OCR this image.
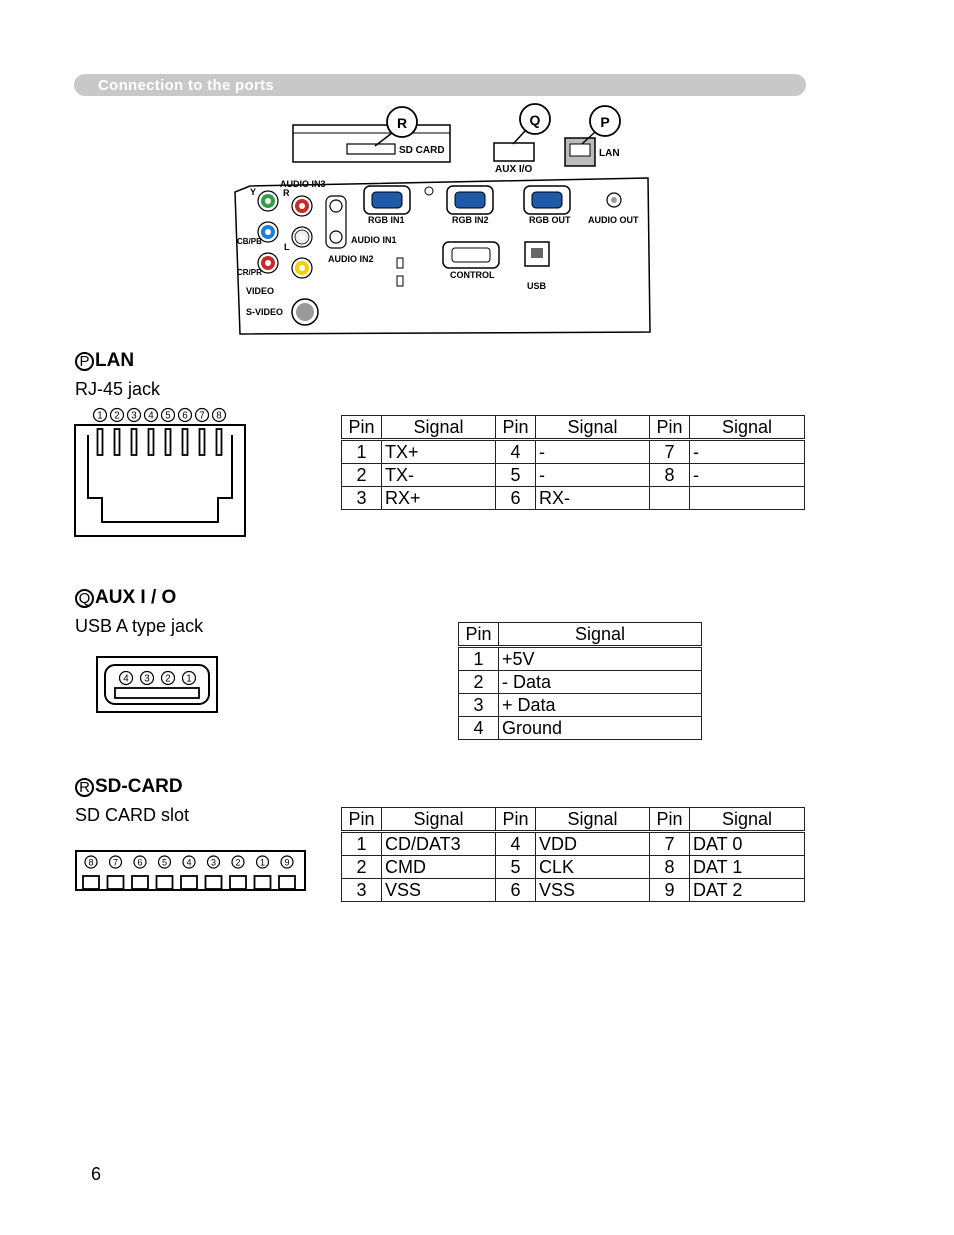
Connection to the ports
SD CARD
R
AUX I/O
Q
LAN
P
AUDIO IN3
Y	R
CB/PB
CR/PR
L
VIDEO
S-VIDEO
AUDIO IN1
AUDIO IN2
RGB IN1	RGB IN2	RGB OUT AUDIO OUT
CONTROL
USB
P LAN
RJ-45 jack
1 2 3 4 5 6 7 8
Pin	Signal	Pin	Signal	Pin	Signal
1	TX+	4	-	7	-
2	TX-	5	-	8	-
3	RX+	6	RX-		
Q AUX I / O
USB A type jack
4 3 2 1
Pin	Signal
1	+5V
2	- Data
3	+ Data
4	Ground
R SD-CARD
SD CARD slot
8 7 6 5 4 3 2 1 9
Pin	Signal	Pin	Signal	Pin	Signal
1	CD/DAT3	4	VDD	7	DAT 0
2	CMD	5	CLK	8	DAT 1
3	VSS	6	VSS	9	DAT 2
6
